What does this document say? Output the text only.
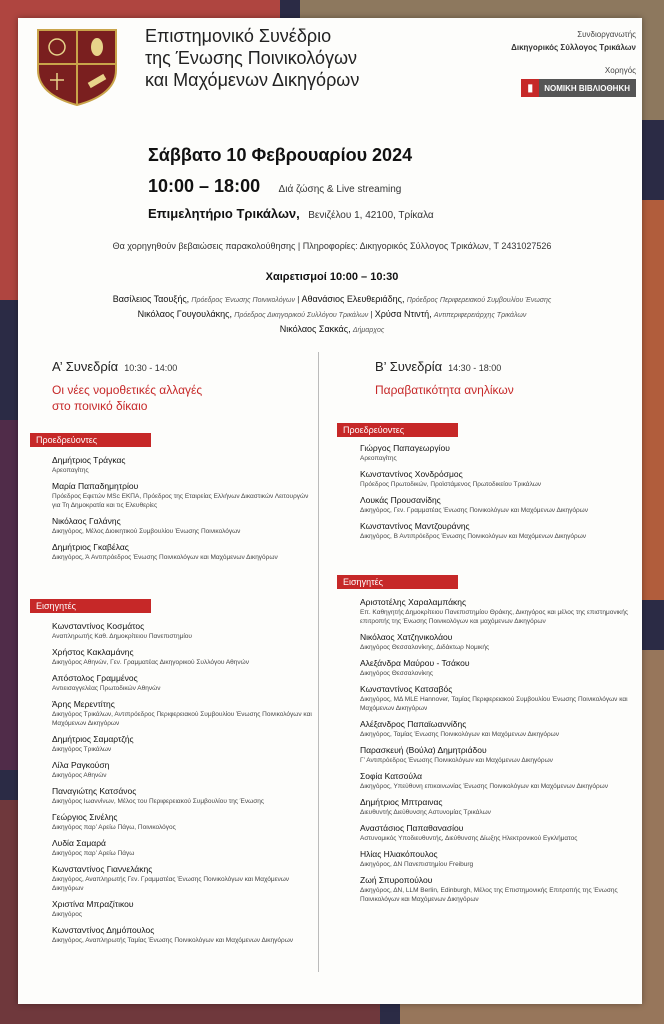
Επιστημονικό Συνέδριο
της Ένωσης Ποινικολόγων
και Μαχόμενων Δικηγόρων
Συνδιοργανωτής
Δικηγορικός Σύλλογος Τρικάλων
Χορηγός
▮	ΝΟΜΙΚΗ ΒΙΒΛΙΟΘΗΚΗ
Σάββατο 10 Φεβρουαρίου 2024
10:00 – 18:00 Διά ζώσης & Live streaming
Επιμελητήριο Τρικάλων, Βενιζέλου 1, 42100, Τρίκαλα
Θα χορηγηθούν βεβαιώσεις παρακολούθησης | Πληροφορίες: Δικηγορικός Σύλλογος Τρικάλων, Τ 2431027526
Χαιρετισμοί 10:00 – 10:30
Βασίλειος Ταουξής, Πρόεδρος Ένωσης Ποινικολόγων | Αθανάσιος Ελευθεριάδης, Πρόεδρος Περιφερειακού Συμβουλίου Ένωσης
Νικόλαος Γουγουλάκης, Πρόεδρος Δικηγορικού Συλλόγου Τρικάλων | Χρύσα Ντιντή, Αντιπεριφερειάρχης Τρικάλων
Νικόλαος Σακκάς, Δήμαρχος
Α’ Συνεδρία 10:30 - 14:00
Οι νέες νομοθετικές αλλαγές
στο ποινικό δίκαιο
Προεδρεύοντες
Δημήτριος Τράγκας
Αρεοπαγίτης
Μαρία Παπαδημητρίου
Πρόεδρος Εφετών MSc ΕΚΠΑ, Πρόεδρος της Εταιρείας Ελλήνων Δικαστικών Λειτουργών για Τη Δημοκρατία και τις Ελευθερίες
Νικόλαος Γαλάνης
Δικηγόρος, Μέλος Διοικητικού Συμβουλίου Ένωσης Ποινικολόγων
Δημήτριος Γκαβέλας
Δικηγόρος, Ά Αντιπρόεδρος Ένωσης Ποινικολόγων και Μαχόμενων Δικηγόρων
Εισηγητές
Κωνσταντίνος Κοσμάτος
Αναπληρωτής Καθ. Δημοκρίτειου Πανεπιστημίου
Χρήστος Κακλαμάνης
Δικηγόρος Αθηνών, Γεν. Γραμματέας Δικηγορικού Συλλόγου Αθηνών
Απόστολος Γραμμένος
Αντιεισαγγελέας Πρωτοδικών Αθηνών
Άρης Μερεντίτης
Δικηγόρος Τρικάλων, Αντιπρόεδρος Περιφερειακού Συμβουλίου Ένωσης Ποινικολόγων και Μαχόμενων Δικηγόρων
Δημήτριος Σαμαρτζής
Δικηγόρος Τρικάλων
Λίλα Ραγκούση
Δικηγόρος Αθηνών
Παναγιώτης Κατσάνος
Δικηγόρος Ιωαννίνων, Μέλος του Περιφερειακού Συμβουλίου της Ένωσης
Γεώργιος Σινέλης
Δικηγόρος παρ’ Αρείω Πάγω, Ποινικολόγος
Λυδία Σαμαρά
Δικηγόρος παρ’ Αρείω Πάγω
Κωνσταντίνος Γιαννελάκης
Δικηγόρος, Αναπληρωτής Γεν. Γραμματέας Ένωσης Ποινικολόγων και Μαχόμενων Δικηγόρων
Χριστίνα Μπραζίτικου
Δικηγόρος
Κωνσταντίνος Δημόπουλος
Δικηγόρος, Αναπληρωτής Ταμίας Ένωσης Ποινικολόγων και Μαχόμενων Δικηγόρων
Β’ Συνεδρία 14:30 - 18:00
Παραβατικότητα ανηλίκων
Προεδρεύοντες
Γιώργος Παπαγεωργίου
Αρεοπαγίτης
Κωνσταντίνος Χονδρόσμος
Πρόεδρος Πρωτοδικών, Προϊστάμενος Πρωτοδικείου Τρικάλων
Λουκάς Προυσανίδης
Δικηγόρος, Γεν. Γραμματέας Ένωσης Ποινικολόγων και Μαχόμενων Δικηγόρων
Κωνσταντίνος Μαντζουράνης
Δικηγόρος, Β Αντιπρόεδρος Ένωσης Ποινικολόγων και Μαχόμενων Δικηγόρων
Εισηγητές
Αριστοτέλης Χαραλαμπάκης
Επ. Καθηγητής Δημοκρίτειου Πανεπιστημίου Θράκης, Δικηγόρος και μέλος της επιστημονικής επιτροπής της Ένωσης Ποινικολόγων και μαχόμενων Δικηγόρων
Νικόλαος Χατζηνικολάου
Δικηγόρος Θεσσαλονίκης, Διδάκτωρ Νομικής
Αλεξάνδρα Μαύρου - Τσάκου
Δικηγόρος Θεσσαλονίκης
Κωνσταντίνος Κατσαβός
Δικηγόρος, ΜΔ MLE Hannover, Ταμίας Περιφερειακού Συμβουλίου Ένωσης Ποινικολόγων και Μαχόμενων Δικηγόρων
Αλέξανδρος Παπαϊωαννίδης
Δικηγόρος, Ταμίας Ένωσης Ποινικολόγων και Μαχόμενων Δικηγόρων
Παρασκευή (Βούλα) Δημητριάδου
Γ’ Αντιπρόεδρος Ένωσης Ποινικολόγων και Μαχόμενων Δικηγόρων
Σοφία Κατσούλα
Δικηγόρος, Υπεύθυνη επικοινωνίας Ένωσης Ποινικολόγων και Μαχόμενων Δικηγόρων
Δημήτριος Μπτραινας
Διευθυντής Διεύθυνσης Αστυνομίας Τρικάλων
Αναστάσιος Παπαθανασίου
Αστυνομικός Υποδιευθυντής, Διεύθυνσης Δίωξης Ηλεκτρονικού Εγκλήματος
Ηλίας Ηλιακόπουλος
Δικηγόρος, ΔΝ Πανεπιστημίου Freiburg
Ζωή Σπυροπούλου
Δικηγόρος, ΔΝ, LLM Berlin, Edinburgh, Μέλος της Επιστημονικής Επιτροπής της Ένωσης Ποινικολόγων και Μαχόμενων Δικηγόρων
